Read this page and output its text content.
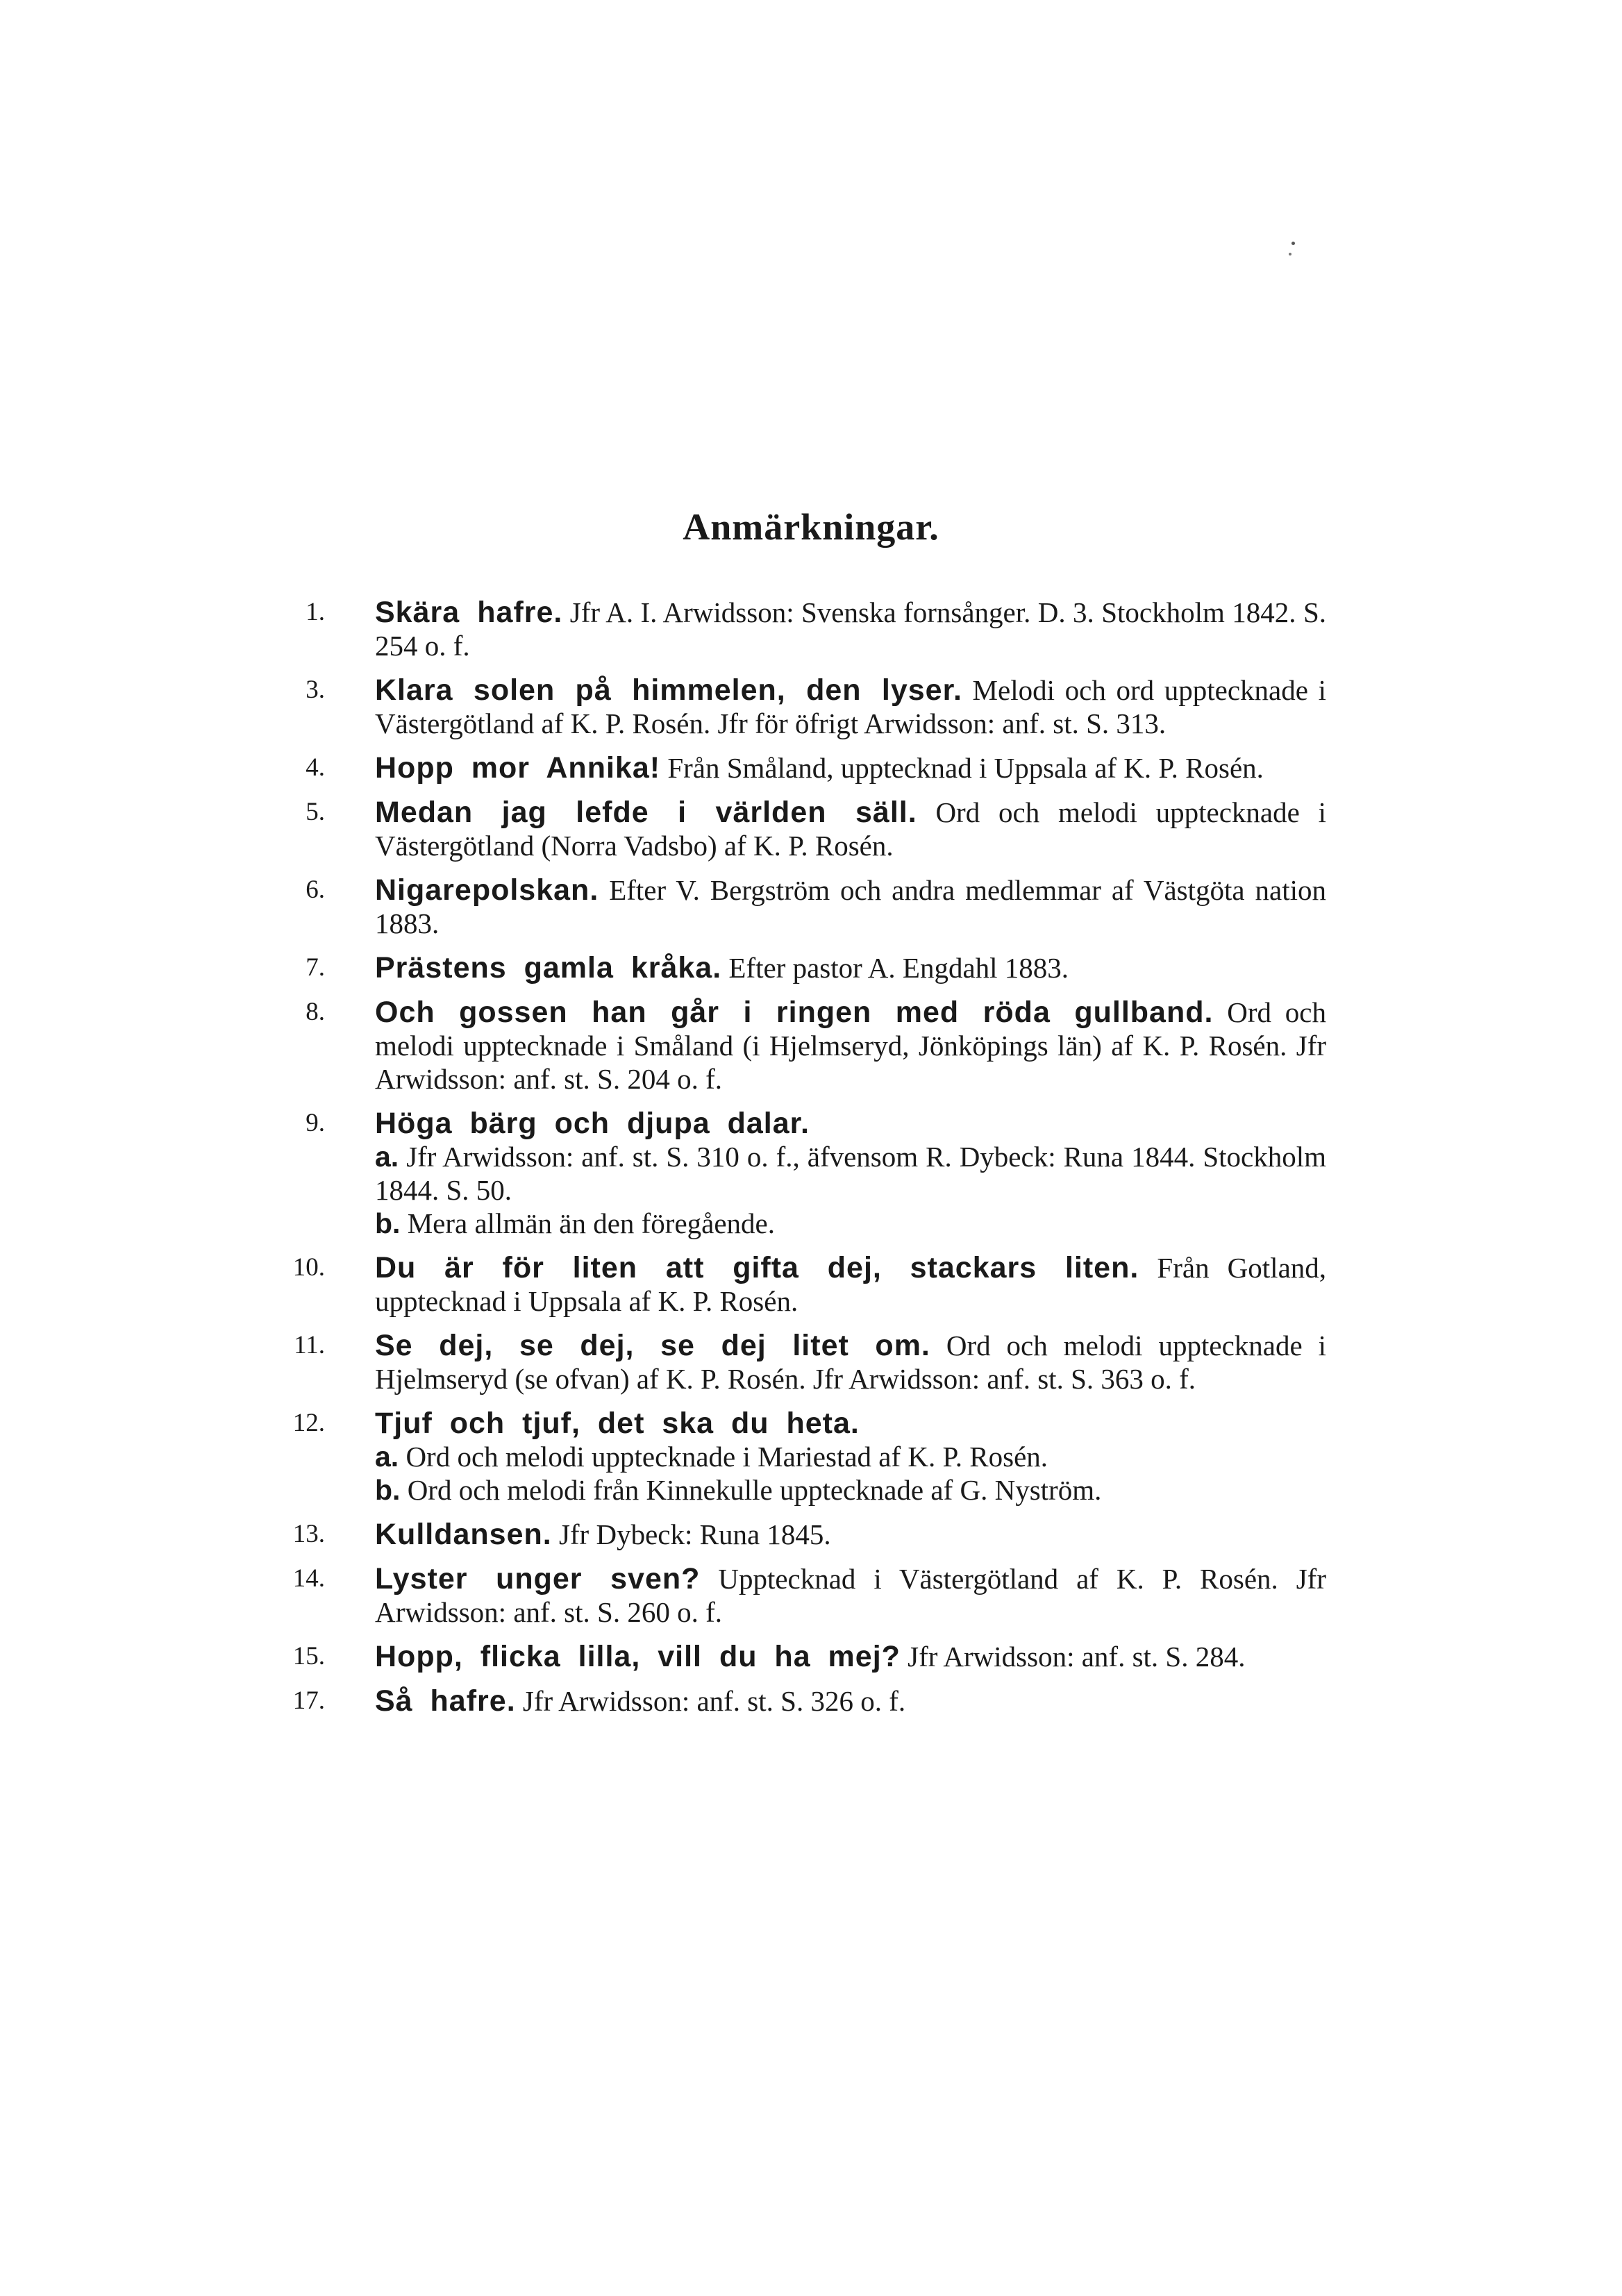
Anmärkningar.
1. Skära hafre. Jfr A. I. Arwidsson: Svenska fornsånger. D. 3. Stockholm 1842. S. 254 o. f.
3. Klara solen på himmelen, den lyser. Melodi och ord upptecknade i Västergötland af K. P. Rosén. Jfr för öfrigt Arwidsson: anf. st. S. 313.
4. Hopp mor Annika! Från Småland, upptecknad i Uppsala af K. P. Rosén.
5. Medan jag lefde i världen säll. Ord och melodi upptecknade i Västergötland (Norra Vadsbo) af K. P. Rosén.
6. Nigarepolskan. Efter V. Bergström och andra medlemmar af Västgöta nation 1883.
7. Prästens gamla kråka. Efter pastor A. Engdahl 1883.
8. Och gossen han går i ringen med röda gullband. Ord och melodi upptecknade i Småland (i Hjelmseryd, Jönköpings län) af K. P. Rosén. Jfr Arwidsson: anf. st. S. 204 o. f.
9. Höga bärg och djupa dalar.
a. Jfr Arwidsson: anf. st. S. 310 o. f., äfvensom R. Dybeck: Runa 1844. Stockholm 1844. S. 50.
b. Mera allmän än den föregående.
10. Du är för liten att gifta dej, stackars liten. Från Gotland, upptecknad i Uppsala af K. P. Rosén.
11. Se dej, se dej, se dej litet om. Ord och melodi upptecknade i Hjelmseryd (se ofvan) af K. P. Rosén. Jfr Arwidsson: anf. st. S. 363 o. f.
12. Tjuf och tjuf, det ska du heta.
a. Ord och melodi upptecknade i Mariestad af K. P. Rosén.
b. Ord och melodi från Kinnekulle upptecknade af G. Nyström.
13. Kulldansen. Jfr Dybeck: Runa 1845.
14. Lyster unger sven? Upptecknad i Västergötland af K. P. Rosén. Jfr Arwidsson: anf. st. S. 260 o. f.
15. Hopp, flicka lilla, vill du ha mej? Jfr Arwidsson: anf. st. S. 284.
17. Så hafre. Jfr Arwidsson: anf. st. S. 326 o. f.
